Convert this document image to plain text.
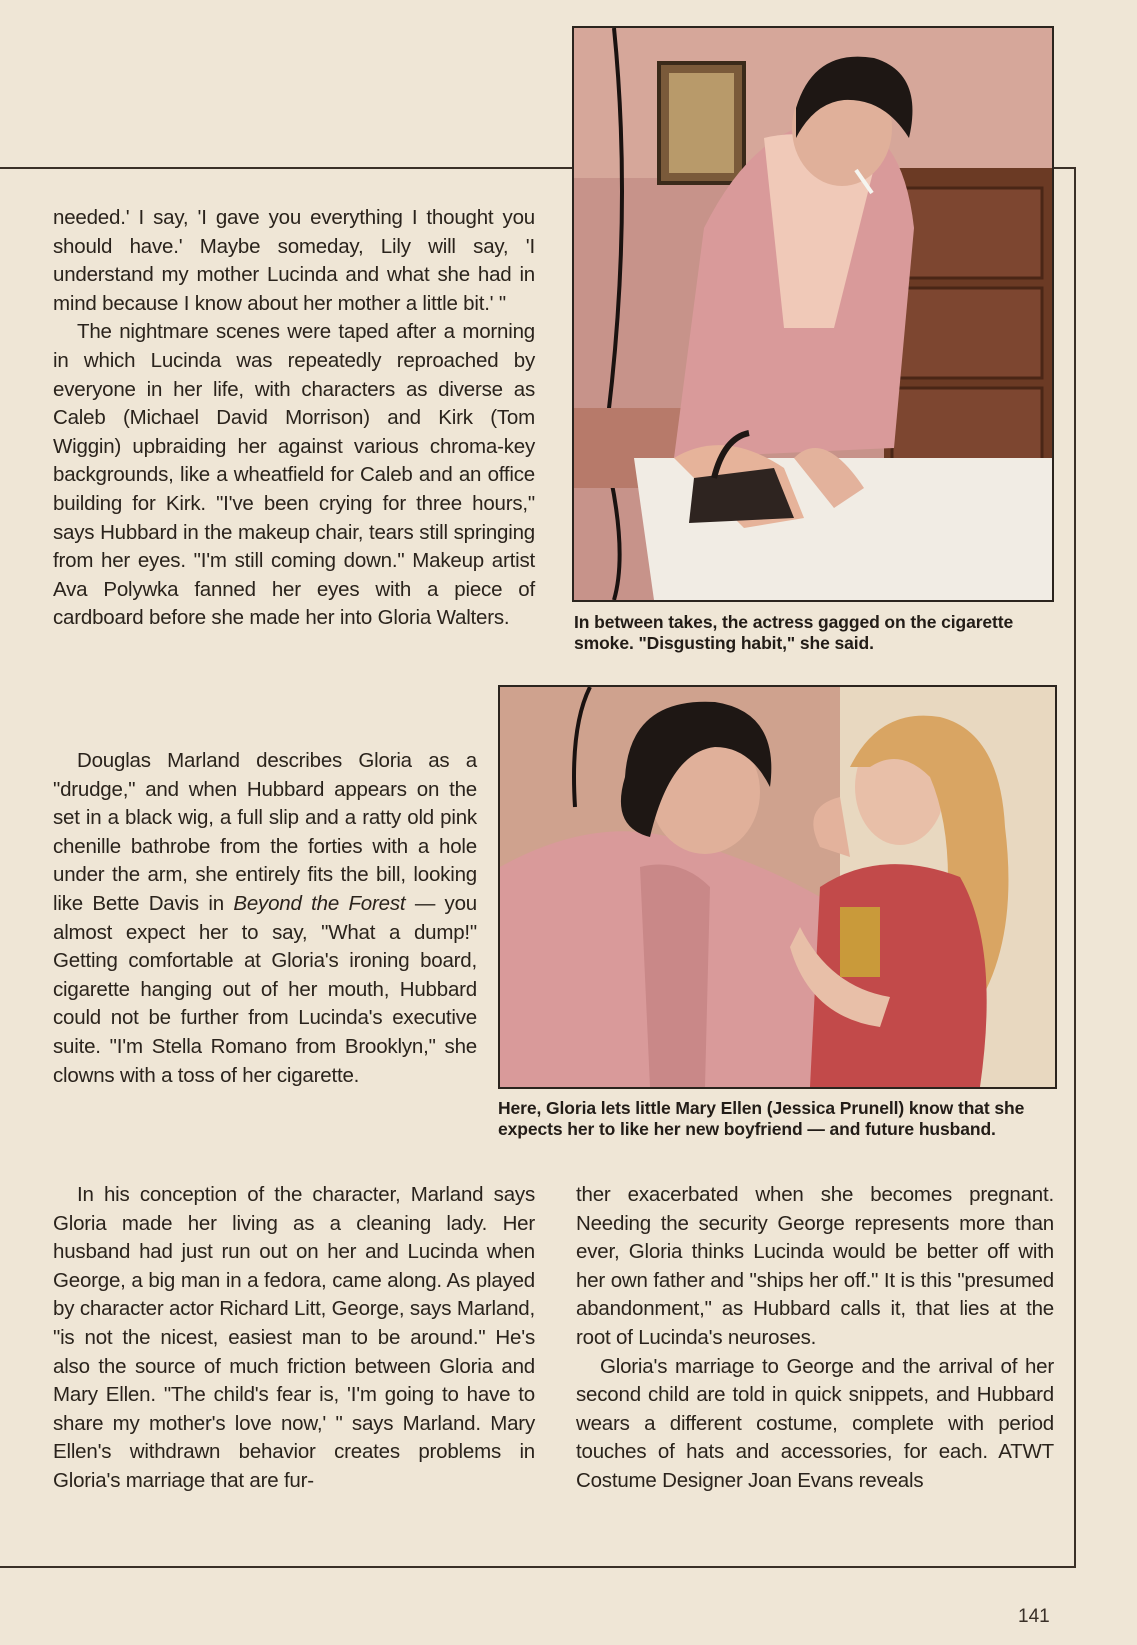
In between takes, the actress gagged on the cigarette smoke. "Disgusting habit," she said.
Here, Gloria lets little Mary Ellen (Jessica Prunell) know that she expects her to like her new boyfriend — and future husband.

needed.' I say, 'I gave you everything I thought you should have.' Maybe someday, Lily will say, 'I understand my mother Lucinda and what she had in mind because I know about her mother a little bit.' "

The nightmare scenes were taped after a morning in which Lucinda was repeatedly reproached by everyone in her life, with characters as diverse as Caleb (Michael David Morrison) and Kirk (Tom Wiggin) upbraiding her against various chroma-key backgrounds, like a wheatfield for Caleb and an office building for Kirk. "I've been crying for three hours," says Hubbard in the makeup chair, tears still springing from her eyes. "I'm still coming down." Makeup artist Ava Polywka fanned her eyes with a piece of cardboard before she made her into Gloria Walters.

Douglas Marland describes Gloria as a "drudge," and when Hubbard appears on the set in a black wig, a full slip and a ratty old pink chenille bathrobe from the forties with a hole under the arm, she entirely fits the bill, looking like Bette Davis in Beyond the Forest — you almost expect her to say, "What a dump!" Getting comfortable at Gloria's ironing board, cigarette hanging out of her mouth, Hubbard could not be further from Lucinda's executive suite. "I'm Stella Romano from Brooklyn," she clowns with a toss of her cigarette.

In his conception of the character, Marland says Gloria made her living as a cleaning lady. Her husband had just run out on her and Lucinda when George, a big man in a fedora, came along. As played by character actor Richard Litt, George, says Marland, "is not the nicest, easiest man to be around." He's also the source of much friction between Gloria and Mary Ellen. "The child's fear is, 'I'm going to have to share my mother's love now,' " says Marland. Mary Ellen's withdrawn behavior creates problems in Gloria's marriage that are fur-

ther exacerbated when she becomes pregnant. Needing the security George represents more than ever, Gloria thinks Lucinda would be better off with her own father and "ships her off." It is this "presumed abandonment," as Hubbard calls it, that lies at the root of Lucinda's neuroses.

Gloria's marriage to George and the arrival of her second child are told in quick snippets, and Hubbard wears a different costume, complete with period touches of hats and accessories, for each. ATWT Costume Designer Joan Evans reveals

141
